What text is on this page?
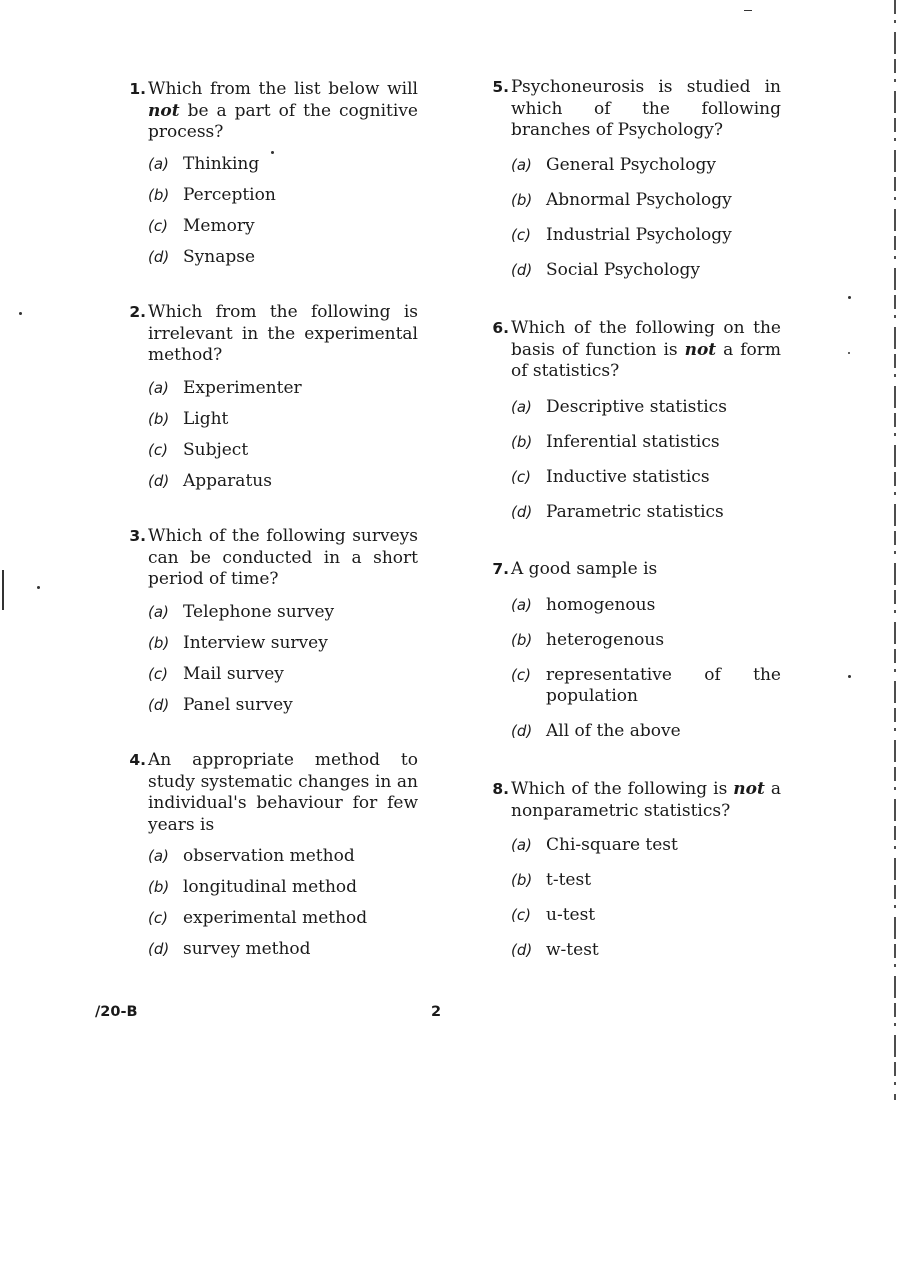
1. Which from the list below will not be a part of the cognitive process?
(a) Thinking
(b) Perception
(c) Memory
(d) Synapse
2. Which from the following is irrelevant in the experimental method?
(a) Experimenter
(b) Light
(c) Subject
(d) Apparatus
3. Which of the following surveys can be conducted in a short period of time?
(a) Telephone survey
(b) Interview survey
(c) Mail survey
(d) Panel survey
4. An appropriate method to study systematic changes in an individual's behaviour for few years is
(a) observation method
(b) longitudinal method
(c) experimental method
(d) survey method
5. Psychoneurosis is studied in which of the following branches of Psychology?
(a) General Psychology
(b) Abnormal Psychology
(c) Industrial Psychology
(d) Social Psychology
6. Which of the following on the basis of function is not a form of statistics?
(a) Descriptive statistics
(b) Inferential statistics
(c) Inductive statistics
(d) Parametric statistics
7. A good sample is
(a) homogenous
(b) heterogenous
(c) representative of the population
(d) All of the above
8. Which of the following is not a nonparametric statistics?
(a) Chi-square test
(b) t-test
(c) u-test
(d) w-test
/20-B	2
